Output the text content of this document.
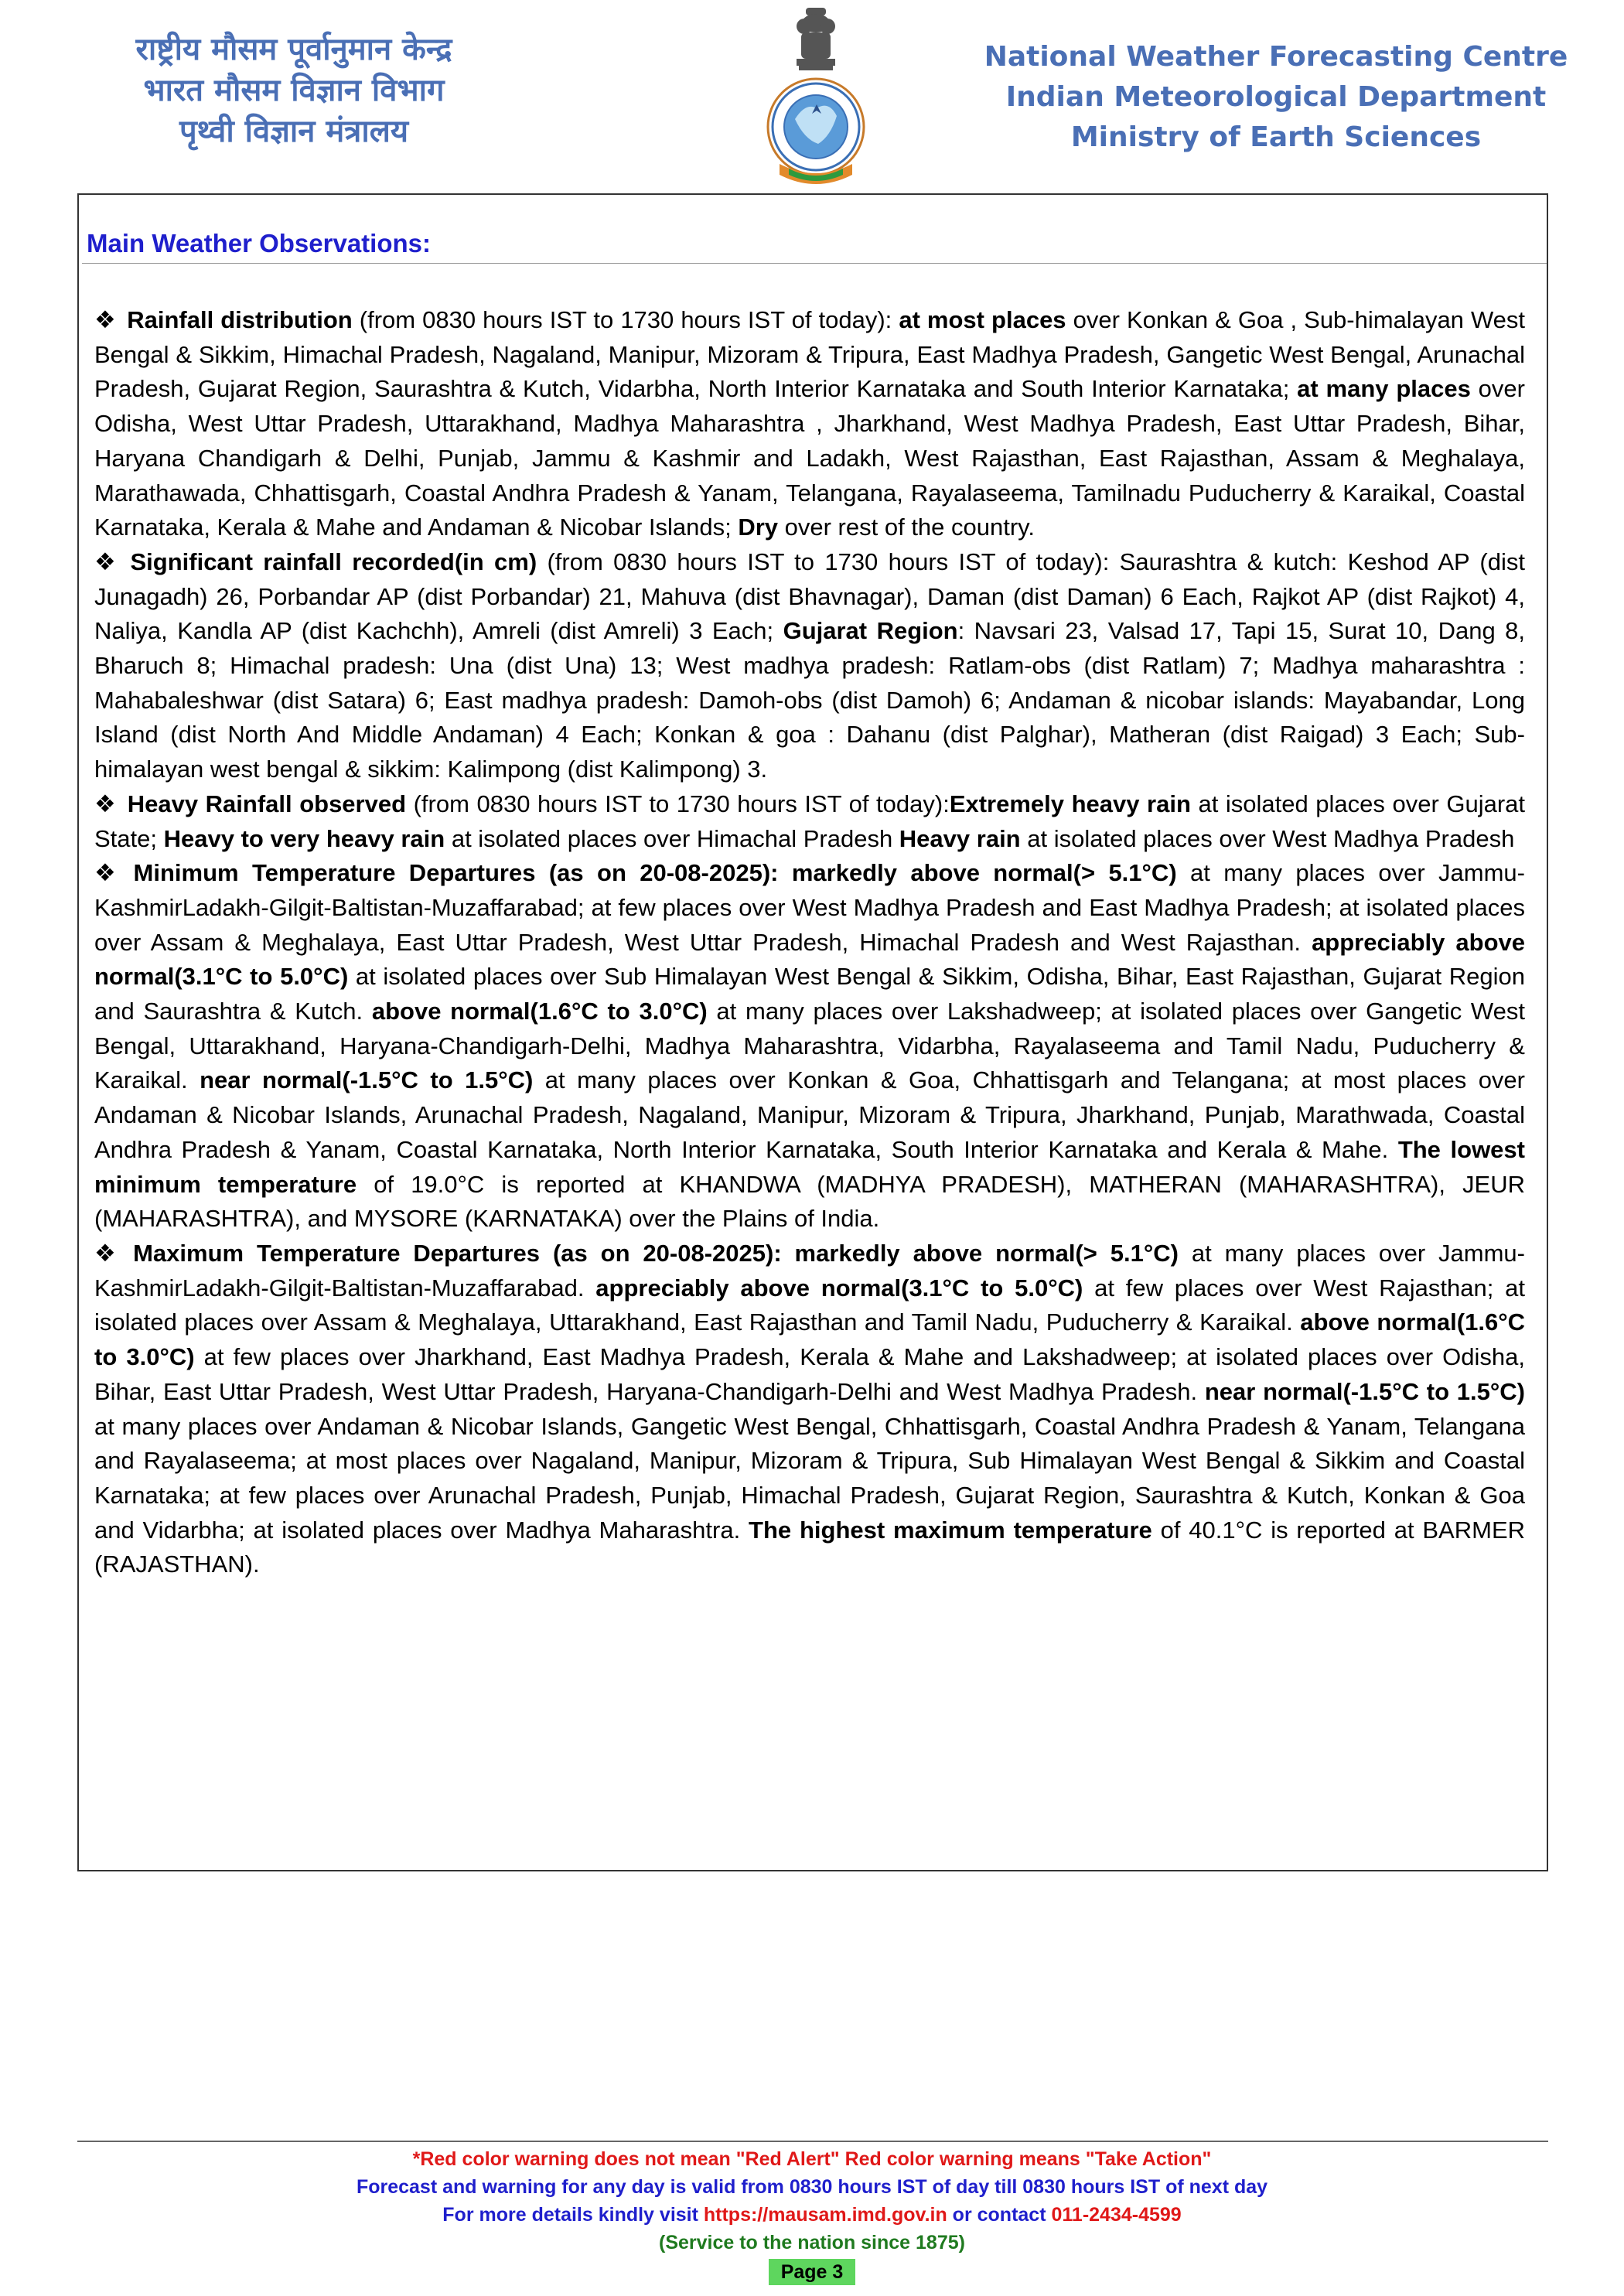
राष्ट्रीय मौसम पूर्वानुमान केन्द्र
भारत मौसम विज्ञान विभाग
पृथ्वी विज्ञान मंत्रालय
National Weather Forecasting Centre
Indian Meteorological Department
Ministry of Earth Sciences
Main Weather Observations:

❖ Rainfall distribution (from 0830 hours IST to 1730 hours IST of today): at most places over Konkan & Goa , Sub-himalayan West Bengal & Sikkim, Himachal Pradesh, Nagaland, Manipur, Mizoram & Tripura, East Madhya Pradesh, Gangetic West Bengal, Arunachal Pradesh, Gujarat Region, Saurashtra & Kutch, Vidarbha, North Interior Karnataka and South Interior Karnataka; at many places over Odisha, West Uttar Pradesh, Uttarakhand, Madhya Maharashtra , Jharkhand, West Madhya Pradesh, East Uttar Pradesh, Bihar, Haryana Chandigarh & Delhi, Punjab, Jammu & Kashmir and Ladakh, West Rajasthan, East Rajasthan, Assam & Meghalaya, Marathawada, Chhattisgarh, Coastal Andhra Pradesh & Yanam, Telangana, Rayalaseema, Tamilnadu Puducherry & Karaikal, Coastal Karnataka, Kerala & Mahe and Andaman & Nicobar Islands; Dry over rest of the country.

❖ Significant rainfall recorded(in cm) (from 0830 hours IST to 1730 hours IST of today): Saurashtra & kutch: Keshod AP (dist Junagadh) 26, Porbandar AP (dist Porbandar) 21, Mahuva (dist Bhavnagar), Daman (dist Daman) 6 Each, Rajkot AP (dist Rajkot) 4, Naliya, Kandla AP (dist Kachchh), Amreli (dist Amreli) 3 Each; Gujarat Region: Navsari 23, Valsad 17, Tapi 15, Surat 10, Dang 8, Bharuch 8; Himachal pradesh: Una (dist Una) 13; West madhya pradesh: Ratlam-obs (dist Ratlam) 7; Madhya maharashtra : Mahabaleshwar (dist Satara) 6; East madhya pradesh: Damoh-obs (dist Damoh) 6; Andaman & nicobar islands: Mayabandar, Long Island (dist North And Middle Andaman) 4 Each; Konkan & goa : Dahanu (dist Palghar), Matheran (dist Raigad) 3 Each; Sub-himalayan west bengal & sikkim: Kalimpong (dist Kalimpong) 3.

❖ Heavy Rainfall observed (from 0830 hours IST to 1730 hours IST of today):Extremely heavy rain at isolated places over Gujarat State; Heavy to very heavy rain at isolated places over Himachal Pradesh Heavy rain at isolated places over West Madhya Pradesh

❖ Minimum Temperature Departures (as on 20-08-2025): markedly above normal(> 5.1°C) at many places over Jammu-KashmirLadakh-Gilgit-Baltistan-Muzaffarabad; at few places over West Madhya Pradesh and East Madhya Pradesh; at isolated places over Assam & Meghalaya, East Uttar Pradesh, West Uttar Pradesh, Himachal Pradesh and West Rajasthan. appreciably above normal(3.1°C to 5.0°C) at isolated places over Sub Himalayan West Bengal & Sikkim, Odisha, Bihar, East Rajasthan, Gujarat Region and Saurashtra & Kutch. above normal(1.6°C to 3.0°C) at many places over Lakshadweep; at isolated places over Gangetic West Bengal, Uttarakhand, Haryana-Chandigarh-Delhi, Madhya Maharashtra, Vidarbha, Rayalaseema and Tamil Nadu, Puducherry & Karaikal. near normal(-1.5°C to 1.5°C) at many places over Konkan & Goa, Chhattisgarh and Telangana; at most places over Andaman & Nicobar Islands, Arunachal Pradesh, Nagaland, Manipur, Mizoram & Tripura, Jharkhand, Punjab, Marathwada, Coastal Andhra Pradesh & Yanam, Coastal Karnataka, North Interior Karnataka, South Interior Karnataka and Kerala & Mahe. The lowest minimum temperature of 19.0°C is reported at KHANDWA (MADHYA PRADESH), MATHERAN (MAHARASHTRA), JEUR (MAHARASHTRA), and MYSORE (KARNATAKA) over the Plains of India.

❖ Maximum Temperature Departures (as on 20-08-2025): markedly above normal(> 5.1°C) at many places over Jammu-KashmirLadakh-Gilgit-Baltistan-Muzaffarabad. appreciably above normal(3.1°C to 5.0°C) at few places over West Rajasthan; at isolated places over Assam & Meghalaya, Uttarakhand, East Rajasthan and Tamil Nadu, Puducherry & Karaikal. above normal(1.6°C to 3.0°C) at few places over Jharkhand, East Madhya Pradesh, Kerala & Mahe and Lakshadweep; at isolated places over Odisha, Bihar, East Uttar Pradesh, West Uttar Pradesh, Haryana-Chandigarh-Delhi and West Madhya Pradesh. near normal(-1.5°C to 1.5°C) at many places over Andaman & Nicobar Islands, Gangetic West Bengal, Chhattisgarh, Coastal Andhra Pradesh & Yanam, Telangana and Rayalaseema; at most places over Nagaland, Manipur, Mizoram & Tripura, Sub Himalayan West Bengal & Sikkim and Coastal Karnataka; at few places over Arunachal Pradesh, Punjab, Himachal Pradesh, Gujarat Region, Saurashtra & Kutch, Konkan & Goa and Vidarbha; at isolated places over Madhya Maharashtra. The highest maximum temperature of 40.1°C is reported at BARMER (RAJASTHAN).

*Red color warning does not mean "Red Alert" Red color warning means "Take Action"
Forecast and warning for any day is valid from 0830 hours IST of day till 0830 hours IST of next day
For more details kindly visit https://mausam.imd.gov.in or contact 011-2434-4599
(Service to the nation since 1875)
Page 3
